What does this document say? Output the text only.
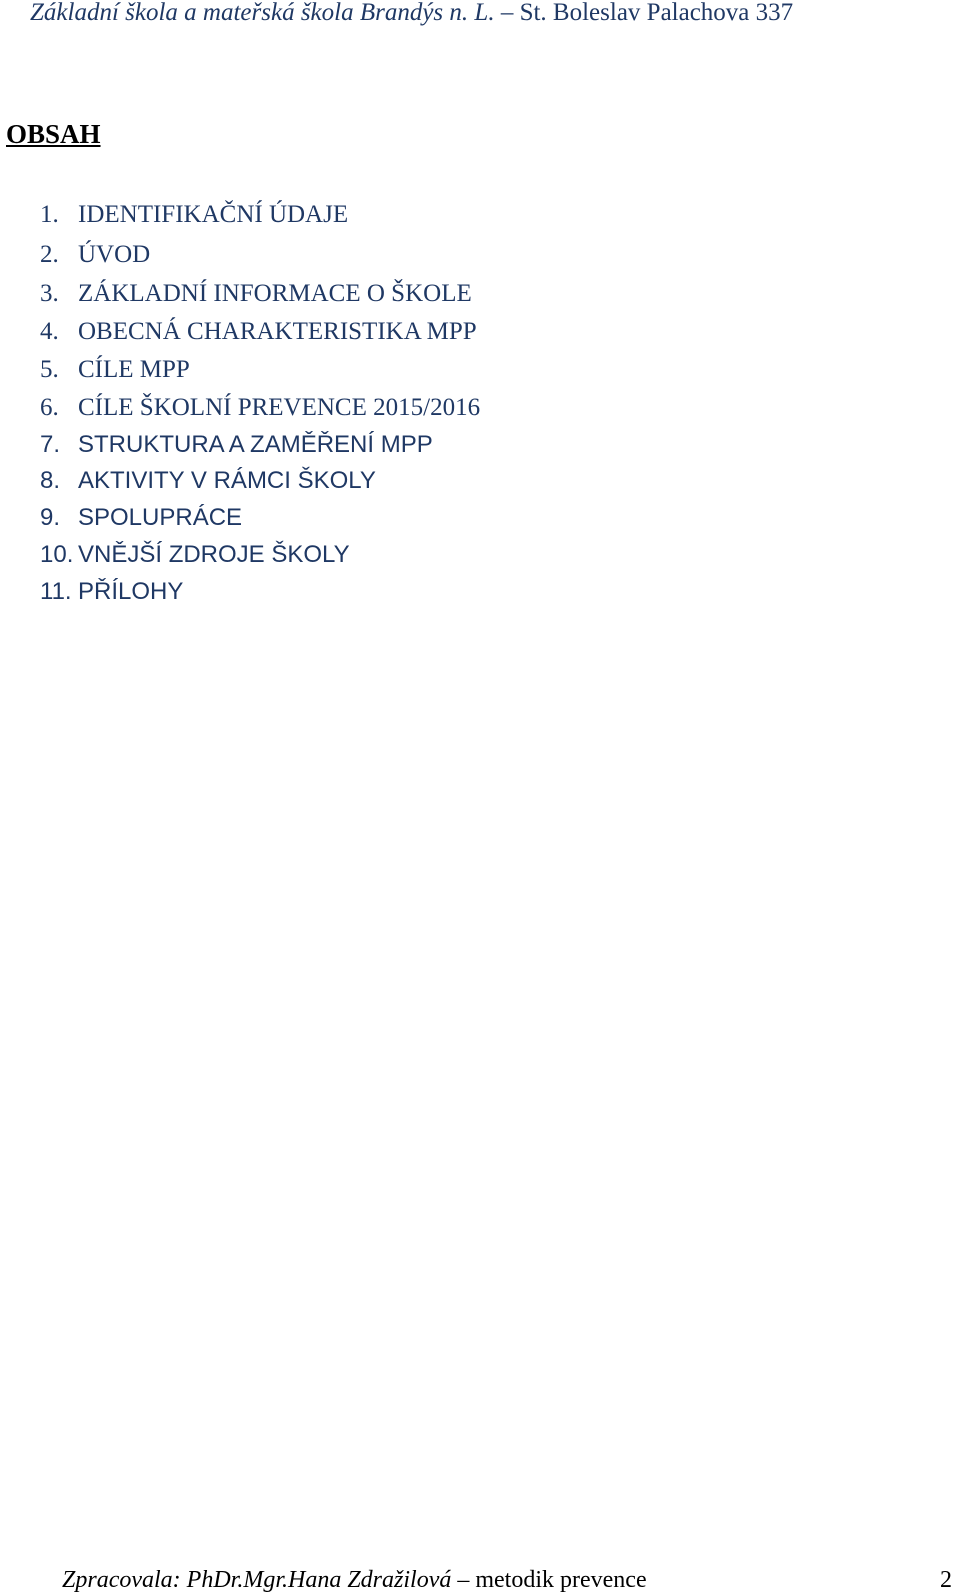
Základní škola a mateřská škola Brandýs n. L. – St. Boleslav Palachova 337
OBSAH
1. IDENTIFIKAČNÍ ÚDAJE
2. ÚVOD
3. ZÁKLADNÍ INFORMACE O ŠKOLE
4. OBECNÁ CHARAKTERISTIKA MPP
5. CÍLE MPP
6. CÍLE ŠKOLNÍ PREVENCE 2015/2016
7. STRUKTURA A ZAMĚŘENÍ MPP
8. AKTIVITY V RÁMCI ŠKOLY
9. SPOLUPRÁCE
10. VNĚJŠÍ ZDROJE ŠKOLY
11. PŘÍLOHY
Zpracovala: PhDr.Mgr.Hana Zdražilová – metodik prevence	2
